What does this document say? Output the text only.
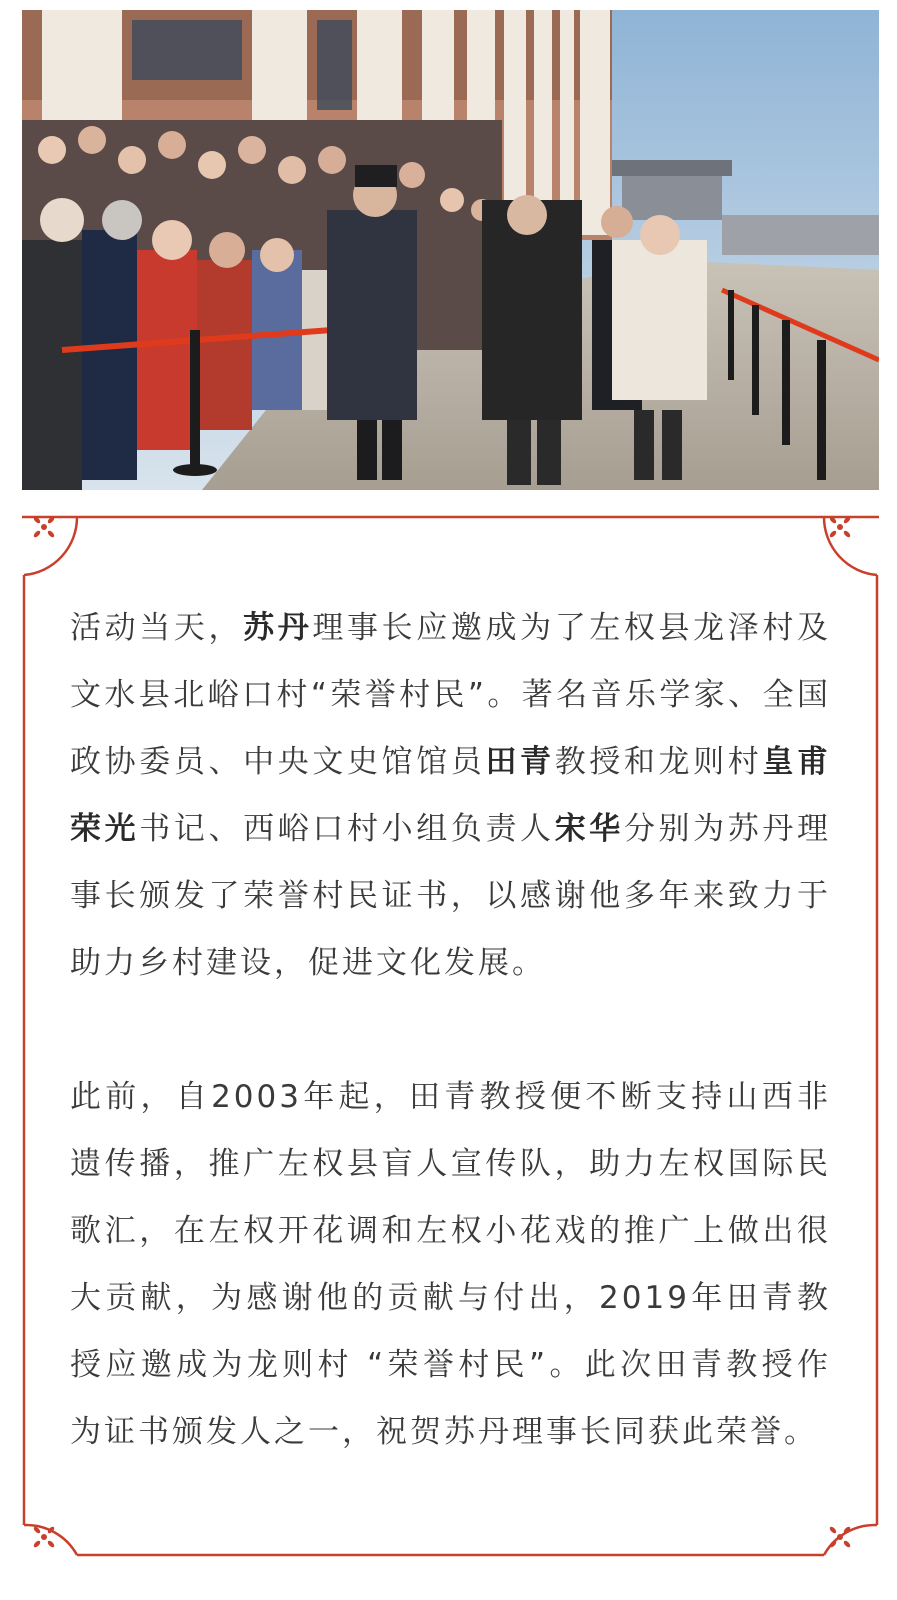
活动当天，苏丹理事长应邀成为了左权县龙泽村及文水县北峪口村“荣誉村民”。著名音乐学家、全国政协委员、中央文史馆馆员田青教授和龙则村皇甫荣光书记、西峪口村小组负责人宋华分别为苏丹理事长颁发了荣誉村民证书，以感谢他多年来致力于助力乡村建设，促进文化发展。

此前，自2003年起，田青教授便不断支持山西非遗传播，推广左权县盲人宣传队，助力左权国际民歌汇，在左权开花调和左权小花戏的推广上做出很大贡献，为感谢他的贡献与付出，2019年田青教授应邀成为龙则村 “荣誉村民”。此次田青教授作为证书颁发人之一，祝贺苏丹理事长同获此荣誉。
